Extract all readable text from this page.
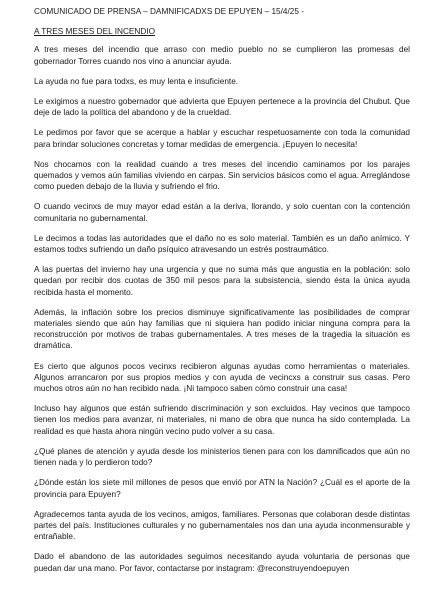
COMUNICADO DE PRENSA – DAMNIFICADXS DE EPUYEN – 15/4/25 -
A TRES MESES DEL INCENDIO

A tres meses del incendio que arraso con medio pueblo no se cumplieron las promesas del gobernador Torres cuando nos vino a anunciar ayuda.

La ayuda no fue para todxs, es muy lenta e insuficiente.

Le exigimos a nuestro gobernador que advierta que Epuyen pertenece a la provincia del Chubut. Que deje de lado la política del abandono y de la crueldad.

Le pedimos por favor que se acerque a hablar y escuchar respetuosamente con toda la comunidad para brindar soluciones concretas y tomar medidas de emergencia. ¡Epuyen lo necesita!

Nos chocamos con la realidad cuando a tres meses del incendio caminamos por los parajes quemados y vemos aún familias viviendo en carpas. Sin servicios básicos como el agua. Arreglándose como pueden debajo de la lluvia y sufriendo el frio.

O cuando vecinxs de muy mayor edad están a la deriva, llorando, y solo cuentan con la contención comunitaria no gubernamental.

Le decimos a todas las autoridades que el daño no es solo material. También es un daño anímico. Y estamos todxs sufriendo un daño psíquico atravesando un estrés postraumático.

A las puertas del invierno hay una urgencia y que no suma más que angustia en la población: solo quedan por recibir dos cuotas de 350 mil pesos para la subsistencia, siendo ésta la única ayuda recibida hasta el momento.

Además, la inflación sobre los precios disminuye significativamente las posibilidades de comprar materiales siendo que aún hay familias que ni siquiera han podido iniciar ninguna compra para la reconstrucción por motivos de trabas gubernamentales. A tres meses de la tragedia la situación es dramática.

Es cierto que algunos pocos vecinxs recibieron algunas ayudas como herramientas o materiales. Algunos arrancaron por sus propios medios y con ayuda de vecincxs a construir sus casas. Pero muchos otros aún no han recibido nada. ¡Ni tampoco saben cómo construir una casa!

Incluso hay algunos que están sufriendo discriminación y son excluidos. Hay vecinos que tampoco tienen los medios para avanzar, ni materiales, ni mano de obra que nunca ha sido contemplada. La realidad es que hasta ahora ningún vecino pudo volver a su casa.

¿Qué planes de atención y ayuda desde los ministerios tienen para con los damnificados que aún no tienen nada y lo perdieron todo?

¿Dónde están los siete mil millones de pesos que envió por ATN la Nación? ¿Cuál es el aporte de la provincia para Epuyen?

Agradecemos tanta ayuda de los vecinos, amigos, familiares. Personas que colaboran desde distintas partes del país. Instituciones culturales y no gubernamentales nos dan una ayuda inconmensurable y entrañable.

Dado el abandono de las autoridades seguimos necesitando ayuda voluntaria de personas que puedan dar una mano. Por favor, contactarse por instagram: @reconstruyendoepuyen
